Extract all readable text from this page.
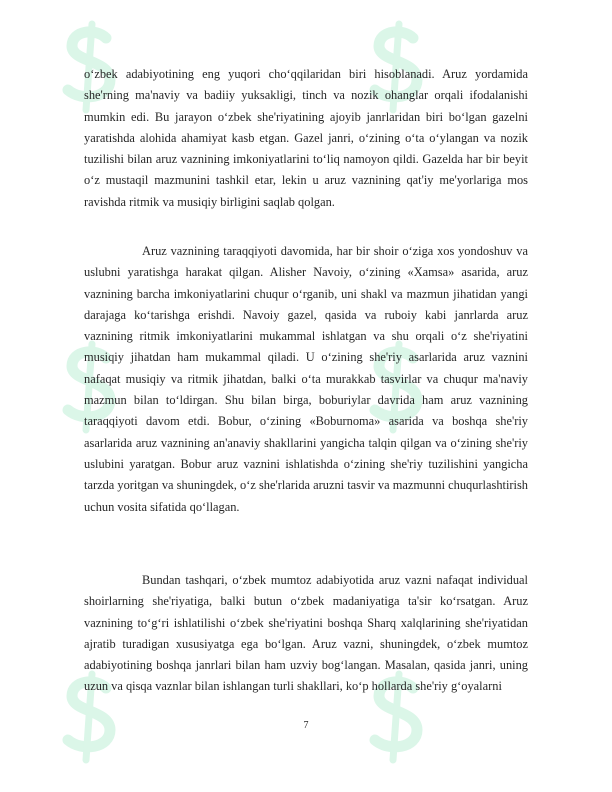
o‘zbek adabiyotining eng yuqori cho‘qqilaridan biri hisoblanadi. Aruz yordamida she'rning ma'naviy va badiiy yuksakligi, tinch va nozik ohanglar orqali ifodalanishi mumkin edi. Bu jarayon o‘zbek she'riyatining ajoyib janrlaridan biri bo‘lgan gazelni yaratishda alohida ahamiyat kasb etgan. Gazel janri, o‘zining o‘ta o‘ylangan va nozik tuzilishi bilan aruz vaznining imkoniyatlarini to‘liq namoyon qildi. Gazelda har bir beyit o‘z mustaqil mazmunini tashkil etar, lekin u aruz vaznining qat'iy me'yorlariga mos ravishda ritmik va musiqiy birligini saqlab qolgan.

Aruz vaznining taraqqiyoti davomida, har bir shoir o‘ziga xos yondoshuv va uslubni yaratishga harakat qilgan. Alisher Navoiy, o‘zining «Xamsa» asarida, aruz vaznining barcha imkoniyatlarini chuqur o‘rganib, uni shakl va mazmun jihatidan yangi darajaga ko‘tarishga erishdi. Navoiy gazel, qasida va ruboiy kabi janrlarda aruz vaznining ritmik imkoniyatlarini mukammal ishlatgan va shu orqali o‘z she'riyatini musiqiy jihatdan ham mukammal qiladi. U o‘zining she'riy asarlarida aruz vaznini nafaqat musiqiy va ritmik jihatdan, balki o‘ta murakkab tasvirlar va chuqur ma'naviy mazmun bilan to‘ldirgan. Shu bilan birga, boburiylar davrida ham aruz vaznining taraqqiyoti davom etdi. Bobur, o‘zining «Boburnoma» asarida va boshqa she'riy asarlarida aruz vaznining an'anaviy shakllarini yangicha talqin qilgan va o‘zining she'riy uslubini yaratgan. Bobur aruz vaznini ishlatishda o‘zining she'riy tuzilishini yangicha tarzda yoritgan va shuningdek, o‘z she'rlarida aruzni tasvir va mazmunni chuqurlashtirish uchun vosita sifatida qo‘llagan.

Bundan tashqari, o‘zbek mumtoz adabiyotida aruz vazni nafaqat individual shoirlarning she'riyatiga, balki butun o‘zbek madaniyatiga ta'sir ko‘rsatgan. Aruz vaznining to‘g‘ri ishlatilishi o‘zbek she'riyatini boshqa Sharq xalqlarining she'riyatidan ajratib turadigan xususiyatga ega bo‘lgan. Aruz vazni, shuningdek, o‘zbek mumtoz adabiyotining boshqa janrlari bilan ham uzviy bog‘langan. Masalan, qasida janri, uning uzun va qisqa vaznlar bilan ishlangan turli shakllari, ko‘p hollarda she'riy g‘oyalarni

7
